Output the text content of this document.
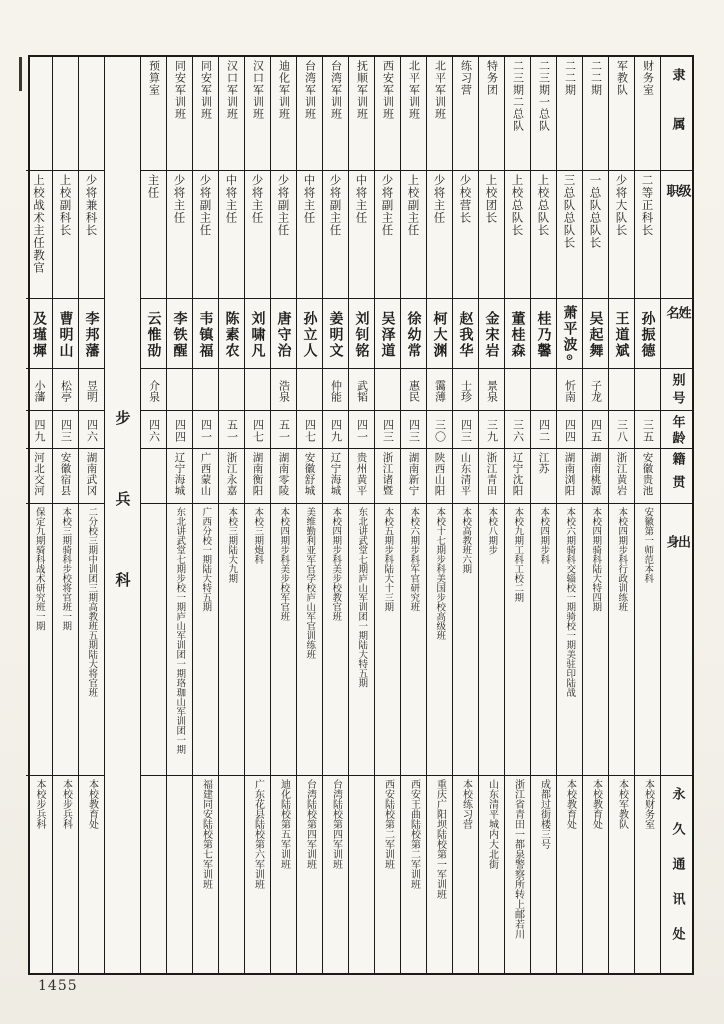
隶属
级职
姓名
别号
年龄
籍贯
出身
永久通讯处
财务室
二等正科长
孙振德
三五
安徽贵池
安徽第一师范本科
本校财务室
军教队
少将大队长
王道斌
三八
浙江黄岩
本校四期步科行政训练班
本校军教队
二二期
一总队总队长
吴起舞
子龙
四五
湖南桃源
本校四期骑科陆大特四期
本校教育处
二二期
三总队总队长
萧平波⊙
忻南
四四
湖南浏阳
本校六期骑科交辎校一期骑校一期美驻印陆战
本校教育处
二三期一总队
上校总队长
桂乃馨
四二
江苏
本校四期步科
成都过街楼三号
二三期二总队
上校总队长
董桂森
三六
辽宁沈阳
本校九期工科工校二期
浙江省青田一都泉警察所转上邮若川
特务团
上校团长
金宋岩
景泉
三九
浙江青田
本校八期步
山东清平城内大北街
练习营
少校营长
赵我华
士珍
四三
山东清平
本校高教班六期
本校练习营
北平军训班
少将主任
柯大渊
霭薄
三〇
陕西山阳
本校十七期步科美国步校高级班
重庆广阳坝陆校第一军训班
北平军训班
上校副主任
徐幼常
惠民
四三
湖南新宁
本校六期步科军官研究班
西安王曲陆校第二军训班
西安军训班
少将副主任
吴泽道
四三
浙江诸暨
本校五期步科陆大十三期
西安陆校第二军训班
抚顺军训班
中将主任
刘钊铭
武韬
四一
贵州黄平
东北讲武堂七期庐山军训团一期陆大特五期
台湾军训班
少将副主任
姜明文
仲能
四九
辽宁海城
本校四期步科美步校教官班
台湾陆校第四军训班
台湾军训班
中将主任
孙立人
四七
安徽舒城
美维勤利亚军官学校庐山军官训练班
台湾陆校第四军训班
迪化军训班
少将副主任
唐守治
浩泉
五一
湖南零陵
本校四期步科美步校军官班
迪化陆校第五军训班
汉口军训班
少将主任
刘啸凡
四七
湖南衡阳
本校三期炮科
广东花县陆校第六军训班
汉口军训班
中将主任
陈素农
五一
浙江永嘉
本校三期陆大九期
同安军训班
少将副主任
韦镇福
四一
广西蒙山
广西分校一期陆大特五期
福建同安陆校第七军训班
同安军训班
少将主任
李铁醒
四四
辽宁海城
东北讲武堂七期步校一期庐山军训团一期珞珈山军训团一期
预算室
主任
云惟劭
介泉
四六
步兵科
少将兼科长
李邦藩
昱明
四六
湖南武冈
二分校三期中训团三期高教班五期陆大将官班
本校教育处
上校副科长
曹明山
松亭
四三
安徽宿县
本校三期骑科步校将官班一期
本校步兵科
上校战术主任教官
及瑾墀
小藩
四九
河北交河
保定九期骑科战术研究班一期
本校步兵科
1455
